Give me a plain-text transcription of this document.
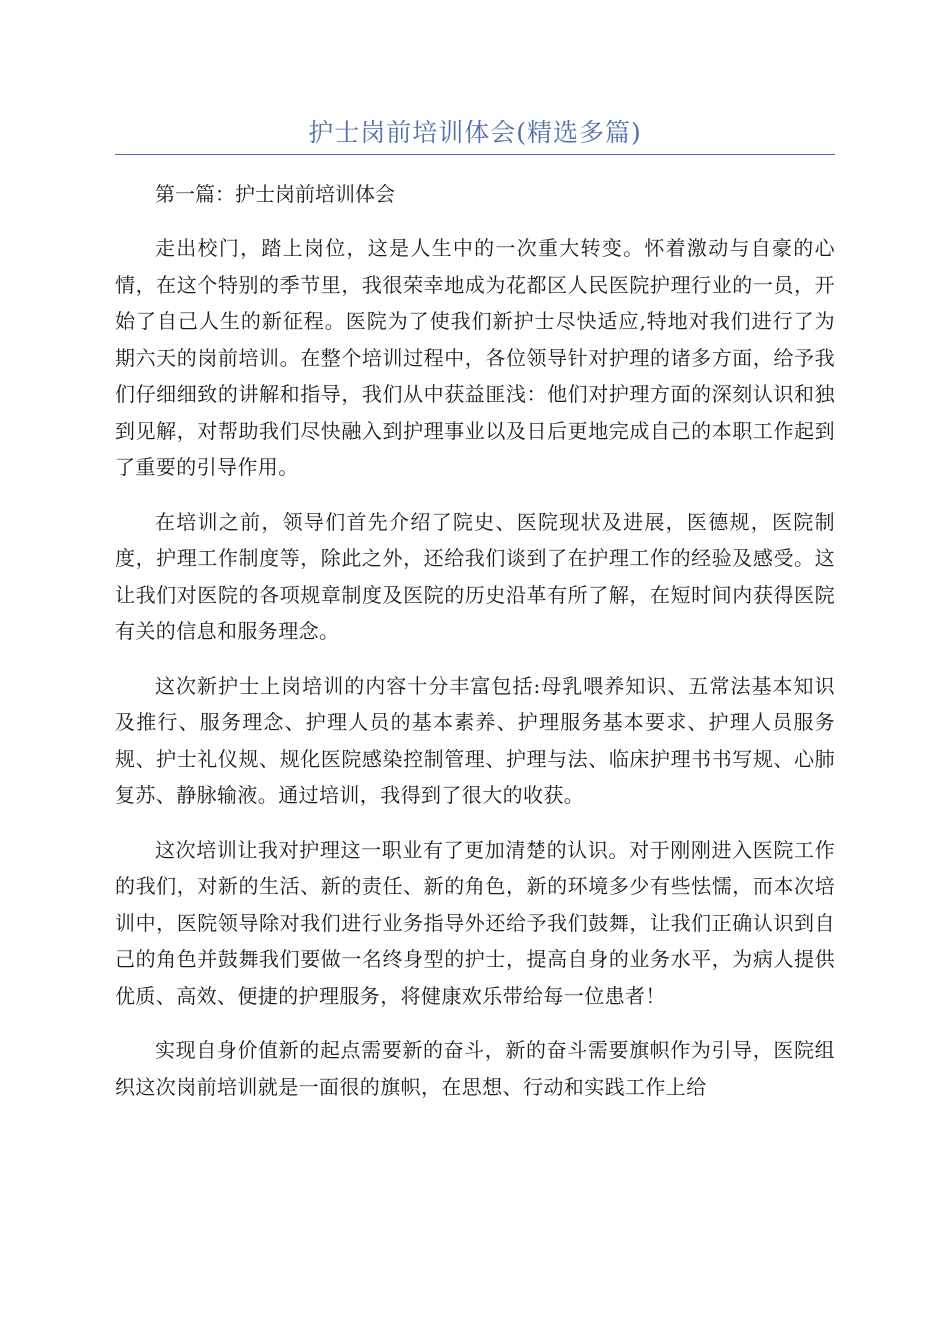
护士岗前培训体会(精选多篇)

第一篇：护士岗前培训体会

走出校门，踏上岗位，这是人生中的一次重大转变。怀着激动与自豪的心情，在这个特别的季节里，我很荣幸地成为花都区人民医院护理行业的一员，开始了自己人生的新征程。医院为了使我们新护士尽快适应,特地对我们进行了为期六天的岗前培训。在整个培训过程中，各位领导针对护理的诸多方面，给予我们仔细细致的讲解和指导，我们从中获益匪浅：他们对护理方面的深刻认识和独到见解，对帮助我们尽快融入到护理事业以及日后更地完成自己的本职工作起到了重要的引导作用。

在培训之前，领导们首先介绍了院史、医院现状及进展，医德规，医院制度，护理工作制度等，除此之外，还给我们谈到了在护理工作的经验及感受。这让我们对医院的各项规章制度及医院的历史沿革有所了解，在短时间内获得医院有关的信息和服务理念。

这次新护士上岗培训的内容十分丰富包括:母乳喂养知识、五常法基本知识及推行、服务理念、护理人员的基本素养、护理服务基本要求、护理人员服务规、护士礼仪规、规化医院感染控制管理、护理与法、临床护理书书写规、心肺复苏、静脉输液。通过培训，我得到了很大的收获。

这次培训让我对护理这一职业有了更加清楚的认识。对于刚刚进入医院工作的我们，对新的生活、新的责任、新的角色，新的环境多少有些怯懦，而本次培训中，医院领导除对我们进行业务指导外还给予我们鼓舞，让我们正确认识到自己的角色并鼓舞我们要做一名终身型的护士，提高自身的业务水平，为病人提供优质、高效、便捷的护理服务，将健康欢乐带给每一位患者！

实现自身价值新的起点需要新的奋斗，新的奋斗需要旗帜作为引导，医院组织这次岗前培训就是一面很的旗帜，在思想、行动和实践工作上给
